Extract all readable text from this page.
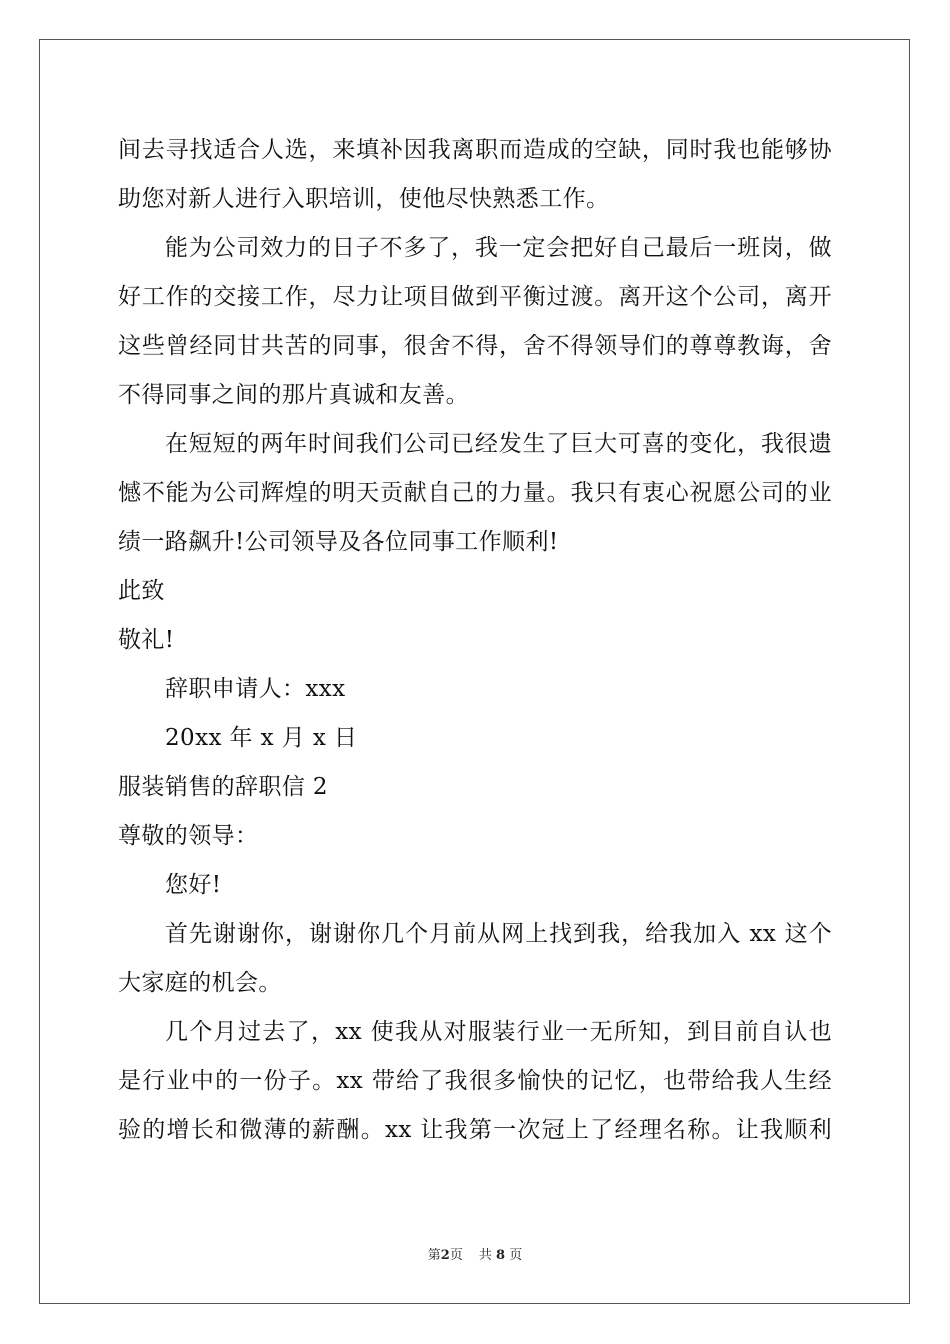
间去寻找适合人选，来填补因我离职而造成的空缺，同时我也能够协
助您对新人进行入职培训，使他尽快熟悉工作。
能为公司效力的日子不多了，我一定会把好自己最后一班岗，做
好工作的交接工作，尽力让项目做到平衡过渡。离开这个公司，离开
这些曾经同甘共苦的同事，很舍不得，舍不得领导们的尊尊教诲，舍
不得同事之间的那片真诚和友善。
在短短的两年时间我们公司已经发生了巨大可喜的变化，我很遗
憾不能为公司辉煌的明天贡献自己的力量。我只有衷心祝愿公司的业
绩一路飙升!公司领导及各位同事工作顺利!
此致
敬礼!
辞职申请人：xxx
20xx 年 x 月 x 日
服装销售的辞职信 2
尊敬的领导：
您好!
首先谢谢你，谢谢你几个月前从网上找到我，给我加入 xx 这个
大家庭的机会。
几个月过去了，xx 使我从对服装行业一无所知，到目前自认也
是行业中的一份子。xx 带给了我很多愉快的记忆，也带给我人生经
验的增长和微薄的薪酬。xx 让我第一次冠上了经理名称。让我顺利
第2页 共 8 页
